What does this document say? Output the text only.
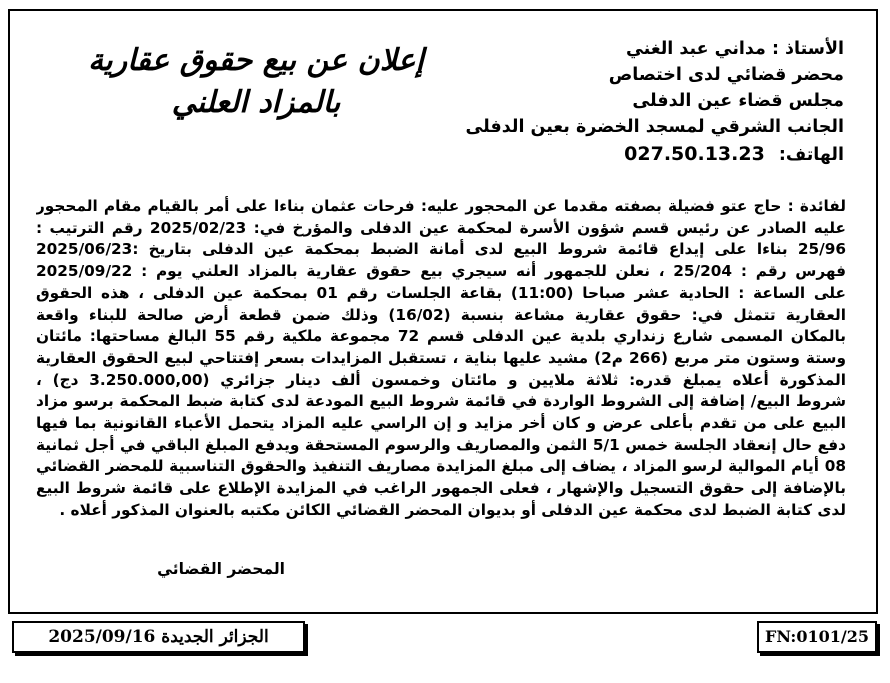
الأستاذ : مداني عبد الغني
محضر قضائي لدى اختصاص
مجلس قضاء عين الدفلى
الجانب الشرقي لمسجد الخضرة بعين الدفلى
الهاتف: 027.50.13.23
إعلان عن بيع حقوق عقارية
بالمزاد العلني
لفائدة : حاج عتو فضيلة بصفته مقدما عن المحجور عليه: فرحات عثمان بناءا على أمر بالقيام مقام المحجور
عليه الصادر عن رئيس قسم شؤون الأسرة لمحكمة عين الدفلى والمؤرخ في: 2025/02/23 رقم الترتيب :
25/96 بناءا على إيداع قائمة شروط البيع لدى أمانة الضبط بمحكمة عين الدفلى بتاريخ :2025/06/23
فهرس رقم : 25/204 ، نعلن للجمهور أنه سيجري بيع حقوق عقارية بالمزاد العلني يوم : 2025/09/22
على الساعة : الحادية عشر صباحا (11:00) بقاعة الجلسات رقم 01 بمحكمة عين الدفلى ، هذه الحقوق
العقارية تتمثل في: حقوق عقارية مشاعة بنسبة (16/02) وذلك ضمن قطعة أرض صالحة للبناء واقعة
بالمكان المسمى شارع زنداري بلدية عين الدفلى قسم 72 مجموعة ملكية رقم 55 البالغ مساحتها: مائتان
وستة وستون متر مربع (266 م2) مشيد عليها بناية ، تستقبل المزايدات بسعر إفتتاحي لبيع الحقوق العقارية
المذكورة أعلاه يمبلغ قدره: ثلاثة ملايين و مائتان وخمسون ألف دينار جزائري (3.250.000,00 دج) ،
شروط البيع/ إضافة إلى الشروط الواردة في قائمة شروط البيع المودعة لدى كتابة ضبط المحكمة برسو مزاد
البيع على من تقدم بأعلى عرض و كان أخر مزايد و إن الراسي عليه المزاد يتحمل الأعباء القانونية بما فيها
دفع حال إنعقاد الجلسة خمس 5/1 الثمن والمصاريف والرسوم المستحقة ويدفع المبلغ الباقي في أجل ثمانية
08 أيام الموالية لرسو المزاد ، يضاف إلى مبلغ المزايدة مصاريف التنفيذ والحقوق التناسبية للمحضر القضائي
بالإضافة إلى حقوق التسجيل والإشهار ، فعلى الجمهور الراغب في المزايدة الإطلاع على قائمة شروط البيع
لدى كتابة الضبط لدى محكمة عين الدفلى أو بديوان المحضر القضائي الكائن مكتبه بالعنوان المذكور أعلاه .
المحضر القضائي
FN:0101/25
الجزائر الجديدة 2025/09/16
